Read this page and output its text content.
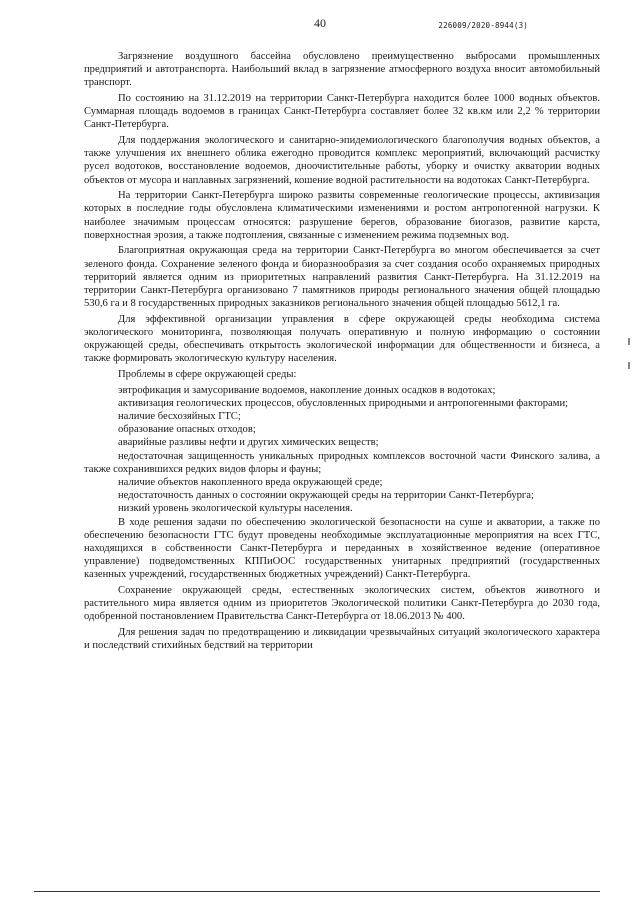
40	226009/2020-8944(3)

Загрязнение воздушного бассейна обусловлено преимущественно выбросами промышленных предприятий и автотранспорта. Наибольший вклад в загрязнение атмосферного воздуха вносит автомобильный транспорт.

По состоянию на 31.12.2019 на территории Санкт-Петербурга находится более 1000 водных объектов. Суммарная площадь водоемов в границах Санкт-Петербурга составляет более 32 кв.км или 2,2 % территории Санкт-Петербурга.

Для поддержания экологического и санитарно-эпидемиологического благополучия водных объектов, а также улучшения их внешнего облика ежегодно проводится комплекс мероприятий, включающий расчистку русел водотоков, восстановление водоемов, дноочистительные работы, уборку и очистку акватории водных объектов от мусора и наплавных загрязнений, кошение водной растительности на водотоках Санкт-Петербурга.

На территории Санкт-Петербурга широко развиты современные геологические процессы, активизация которых в последние годы обусловлена климатическими изменениями и ростом антропогенной нагрузки. К наиболее значимым процессам относятся: разрушение берегов, образование биогазов, развитие карста, поверхностная эрозия, а также подтопления, связанные с изменением режима подземных вод.

Благоприятная окружающая среда на территории Санкт-Петербурга во многом обеспечивается за счет зеленого фонда. Сохранение зеленого фонда и биоразнообразия за счет создания особо охраняемых природных территорий является одним из приоритетных направлений развития Санкт-Петербурга. На 31.12.2019 на территории Санкт-Петербурга организовано 7 памятников природы регионального значения общей площадью 530,6 га и 8 государственных природных заказников регионального значения общей площадью 5612,1 га.

Для эффективной организации управления в сфере окружающей среды необходима система экологического мониторинга, позволяющая получать оперативную и полную информацию о состоянии окружающей среды, обеспечивать открытость экологической информации для общественности и бизнеса, а также формировать экологическую культуру населения.

Проблемы в сфере окружающей среды:

эвтрофикация и замусоривание водоемов, накопление донных осадков в водотоках;

активизация геологических процессов, обусловленных природными и антропогенными факторами;

наличие бесхозяйных ГТС;

образование опасных отходов;

аварийные разливы нефти и других химических веществ;

недостаточная защищенность уникальных природных комплексов восточной части Финского залива, а также сохранившихся редких видов флоры и фауны;

наличие объектов накопленного вреда окружающей среде;

недостаточность данных о состоянии окружающей среды на территории Санкт-Петербурга;

низкий уровень экологической культуры населения.

В ходе решения задачи по обеспечению экологической безопасности на суше и акватории, а также по обеспечению безопасности ГТС будут проведены необходимые эксплуатационные мероприятия на всех ГТС, находящихся в собственности Санкт-Петербурга и переданных в хозяйственное ведение (оперативное управление) подведомственных КППиООС государственных унитарных предприятий (государственных казенных учреждений, государственных бюджетных учреждений) Санкт-Петербурга.

Сохранение окружающей среды, естественных экологических систем, объектов животного и растительного мира является одним из приоритетов Экологической политики Санкт-Петербурга до 2030 года, одобренной постановлением Правительства Санкт-Петербурга от 18.06.2013 № 400.

Для решения задач по предотвращению и ликвидации чрезвычайных ситуаций экологического характера и последствий стихийных бедствий на территории
